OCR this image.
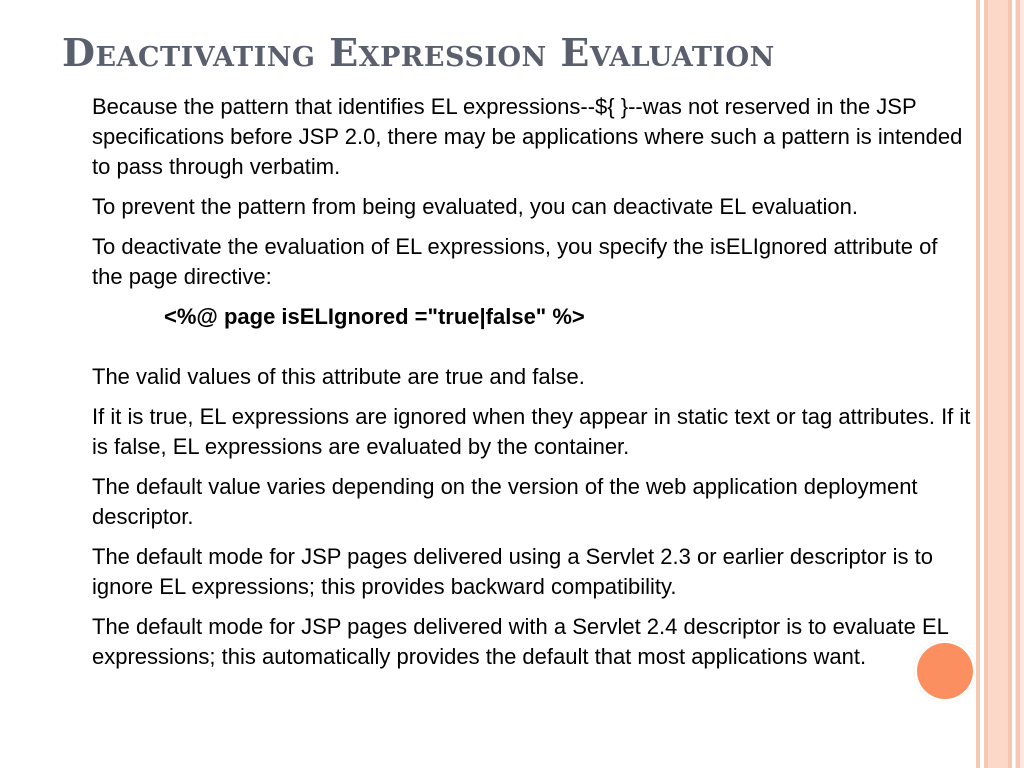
Deactivating Expression Evaluation

Because the pattern that identifies EL expressions--${ }--was not reserved in the JSP specifications before JSP 2.0, there may be applications where such a pattern is intended to pass through verbatim.

To prevent the pattern from being evaluated, you can deactivate EL evaluation.

To deactivate the evaluation of EL expressions, you specify the isELIgnored attribute of the page directive:

<%@ page isELIgnored ="true|false" %>

The valid values of this attribute are true and false.

If it is true, EL expressions are ignored when they appear in static text or tag attributes. If it is false, EL expressions are evaluated by the container.

The default value varies depending on the version of the web application deployment descriptor.

The default mode for JSP pages delivered using a Servlet 2.3 or earlier descriptor is to ignore EL expressions; this provides backward compatibility.

The default mode for JSP pages delivered with a Servlet 2.4 descriptor is to evaluate EL expressions; this automatically provides the default that most applications want.
